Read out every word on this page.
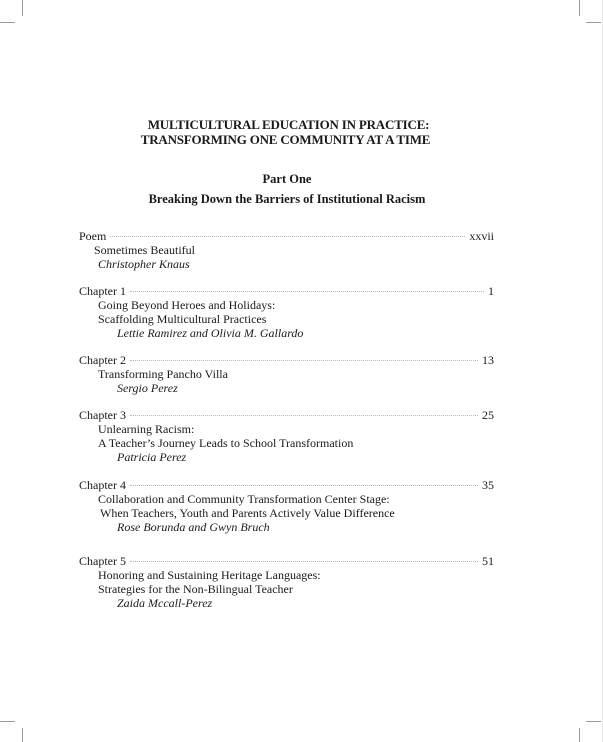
MULTICULTURAL EDUCATION IN PRACTICE:
TRANSFORMING ONE COMMUNITY AT A TIME
Part One
Breaking Down the Barriers of Institutional Racism
Poem	xxvii
Sometimes Beautiful
Christopher Knaus
Chapter 1	1
Going Beyond Heroes and Holidays:
Scaffolding Multicultural Practices
Lettie Ramirez and Olivia M. Gallardo
Chapter 2	13
Transforming Pancho Villa
Sergio Perez
Chapter 3	25
Unlearning Racism:
A Teacher’s Journey Leads to School Transformation
Patricia Perez
Chapter 4	35
Collaboration and Community Transformation Center Stage:
When Teachers, Youth and Parents Actively Value Difference
Rose Borunda and Gwyn Bruch
Chapter 5	51
Honoring and Sustaining Heritage Languages:
Strategies for the Non-Bilingual Teacher
Zaida Mccall-Perez
